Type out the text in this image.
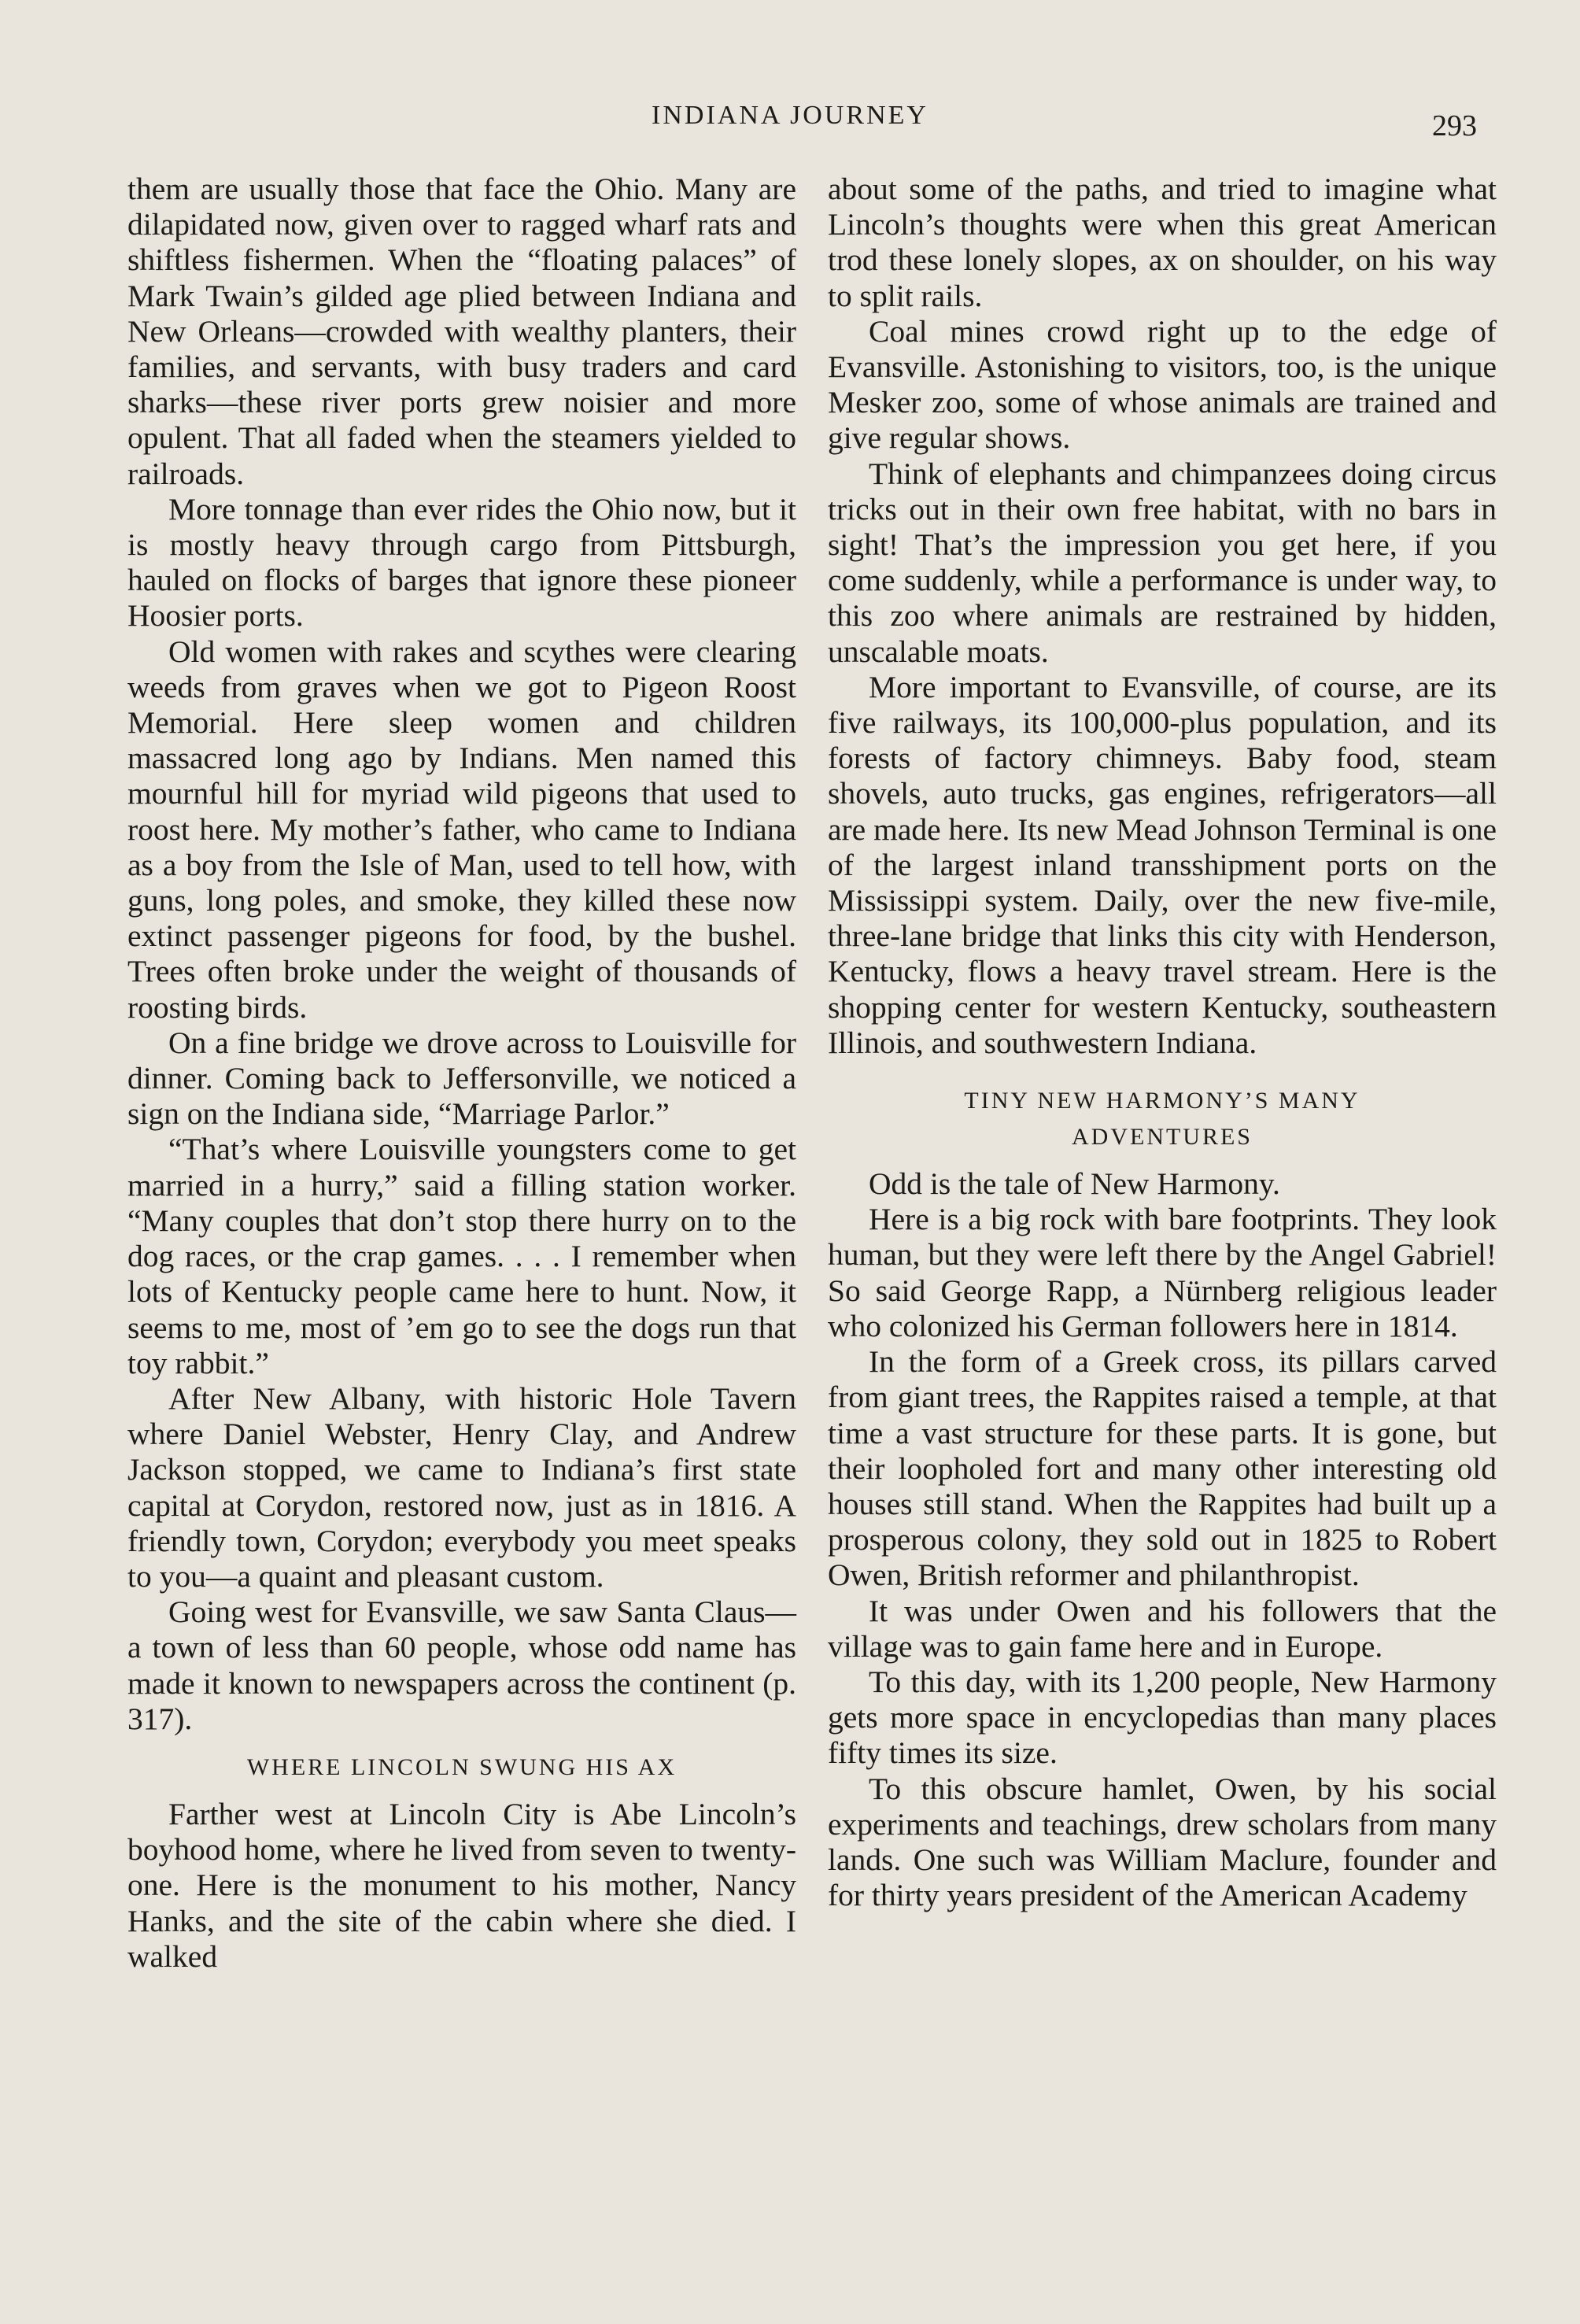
INDIANA JOURNEY	293

them are usually those that face the Ohio. Many are dilapidated now, given over to ragged wharf rats and shiftless fishermen. When the “floating palaces” of Mark Twain’s gilded age plied between Indiana and New Orleans—crowded with wealthy planters, their families, and servants, with busy traders and card sharks—these river ports grew noisier and more opulent. That all faded when the steamers yielded to railroads.

More tonnage than ever rides the Ohio now, but it is mostly heavy through cargo from Pittsburgh, hauled on flocks of barges that ignore these pioneer Hoosier ports.

Old women with rakes and scythes were clearing weeds from graves when we got to Pigeon Roost Memorial. Here sleep women and children massacred long ago by Indians. Men named this mournful hill for myriad wild pigeons that used to roost here. My mother’s father, who came to Indiana as a boy from the Isle of Man, used to tell how, with guns, long poles, and smoke, they killed these now extinct passenger pigeons for food, by the bushel. Trees often broke under the weight of thousands of roosting birds.

On a fine bridge we drove across to Louisville for dinner. Coming back to Jeffersonville, we noticed a sign on the Indiana side, “Marriage Parlor.”

“That’s where Louisville youngsters come to get married in a hurry,” said a filling station worker. “Many couples that don’t stop there hurry on to the dog races, or the crap games. . . . I remember when lots of Kentucky people came here to hunt. Now, it seems to me, most of ’em go to see the dogs run that toy rabbit.”

After New Albany, with historic Hole Tavern where Daniel Webster, Henry Clay, and Andrew Jackson stopped, we came to Indiana’s first state capital at Corydon, restored now, just as in 1816. A friendly town, Corydon; everybody you meet speaks to you—a quaint and pleasant custom.

Going west for Evansville, we saw Santa Claus—a town of less than 60 people, whose odd name has made it known to newspapers across the continent (p. 317).

WHERE LINCOLN SWUNG HIS AX

Farther west at Lincoln City is Abe Lincoln’s boyhood home, where he lived from seven to twenty-one. Here is the monument to his mother, Nancy Hanks, and the site of the cabin where she died. I walked

about some of the paths, and tried to imagine what Lincoln’s thoughts were when this great American trod these lonely slopes, ax on shoulder, on his way to split rails.

Coal mines crowd right up to the edge of Evansville. Astonishing to visitors, too, is the unique Mesker zoo, some of whose animals are trained and give regular shows.

Think of elephants and chimpanzees doing circus tricks out in their own free habitat, with no bars in sight! That’s the impression you get here, if you come suddenly, while a performance is under way, to this zoo where animals are restrained by hidden, unscalable moats.

More important to Evansville, of course, are its five railways, its 100,000-plus population, and its forests of factory chimneys. Baby food, steam shovels, auto trucks, gas engines, refrigerators—all are made here. Its new Mead Johnson Terminal is one of the largest inland transshipment ports on the Mississippi system. Daily, over the new five-mile, three-lane bridge that links this city with Henderson, Kentucky, flows a heavy travel stream. Here is the shopping center for western Kentucky, southeastern Illinois, and southwestern Indiana.

TINY NEW HARMONY’S MANY
ADVENTURES

Odd is the tale of New Harmony.

Here is a big rock with bare footprints. They look human, but they were left there by the Angel Gabriel! So said George Rapp, a Nürnberg religious leader who colonized his German followers here in 1814.

In the form of a Greek cross, its pillars carved from giant trees, the Rappites raised a temple, at that time a vast structure for these parts. It is gone, but their loopholed fort and many other interesting old houses still stand. When the Rappites had built up a prosperous colony, they sold out in 1825 to Robert Owen, British reformer and philanthropist.

It was under Owen and his followers that the village was to gain fame here and in Europe.

To this day, with its 1,200 people, New Harmony gets more space in encyclopedias than many places fifty times its size.

To this obscure hamlet, Owen, by his social experiments and teachings, drew scholars from many lands. One such was William Maclure, founder and for thirty years president of the American Academy
